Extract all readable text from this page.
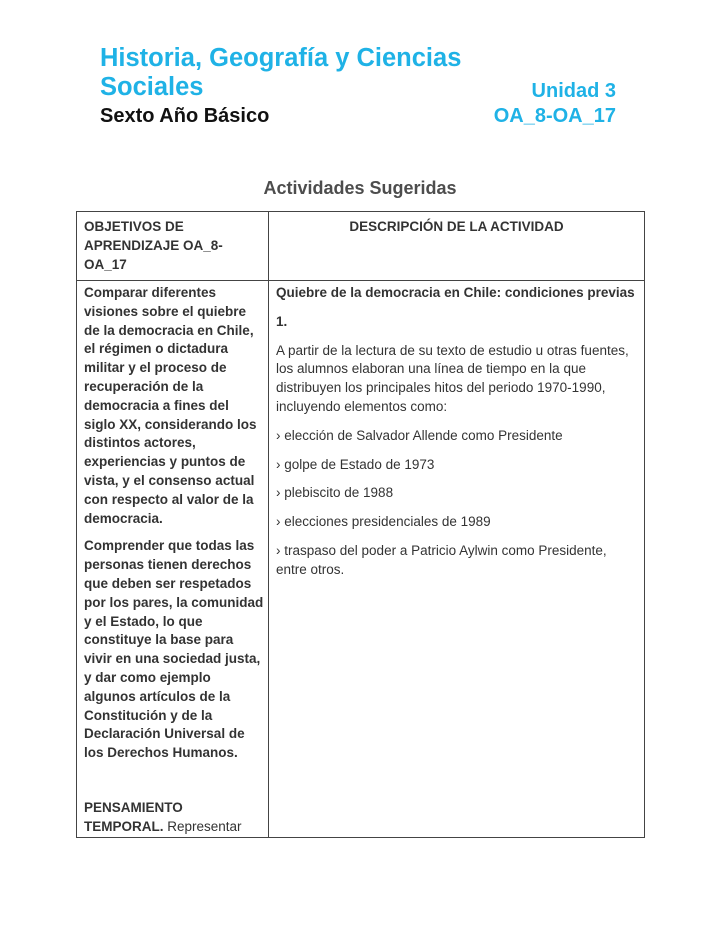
Historia, Geografía y Ciencias
Sociales	Unidad 3
Sexto Año Básico	OA_8-OA_17
Actividades Sugeridas
OBJETIVOS DE APRENDIZAJE OA_8-OA_17
DESCRIPCIÓN DE LA ACTIVIDAD

Comparar diferentes visiones sobre el quiebre de la democracia en Chile, el régimen o dictadura militar y el proceso de recuperación de la democracia a fines del siglo XX, considerando los distintos actores, experiencias y puntos de vista, y el consenso actual con respecto al valor de la democracia.

Comprender que todas las personas tienen derechos que deben ser respetados por los pares, la comunidad y el Estado, lo que constituye la base para vivir en una sociedad justa, y dar como ejemplo algunos artículos de la Constitución y de la Declaración Universal de los Derechos Humanos.

PENSAMIENTO TEMPORAL. Representar

Quiebre de la democracia en Chile: condiciones previas

1.

A partir de la lectura de su texto de estudio u otras fuentes, los alumnos elaboran una línea de tiempo en la que distribuyen los principales hitos del periodo 1970-1990, incluyendo elementos como:

› elección de Salvador Allende como Presidente

› golpe de Estado de 1973

› plebiscito de 1988

› elecciones presidenciales de 1989

› traspaso del poder a Patricio Aylwin como Presidente, entre otros.
